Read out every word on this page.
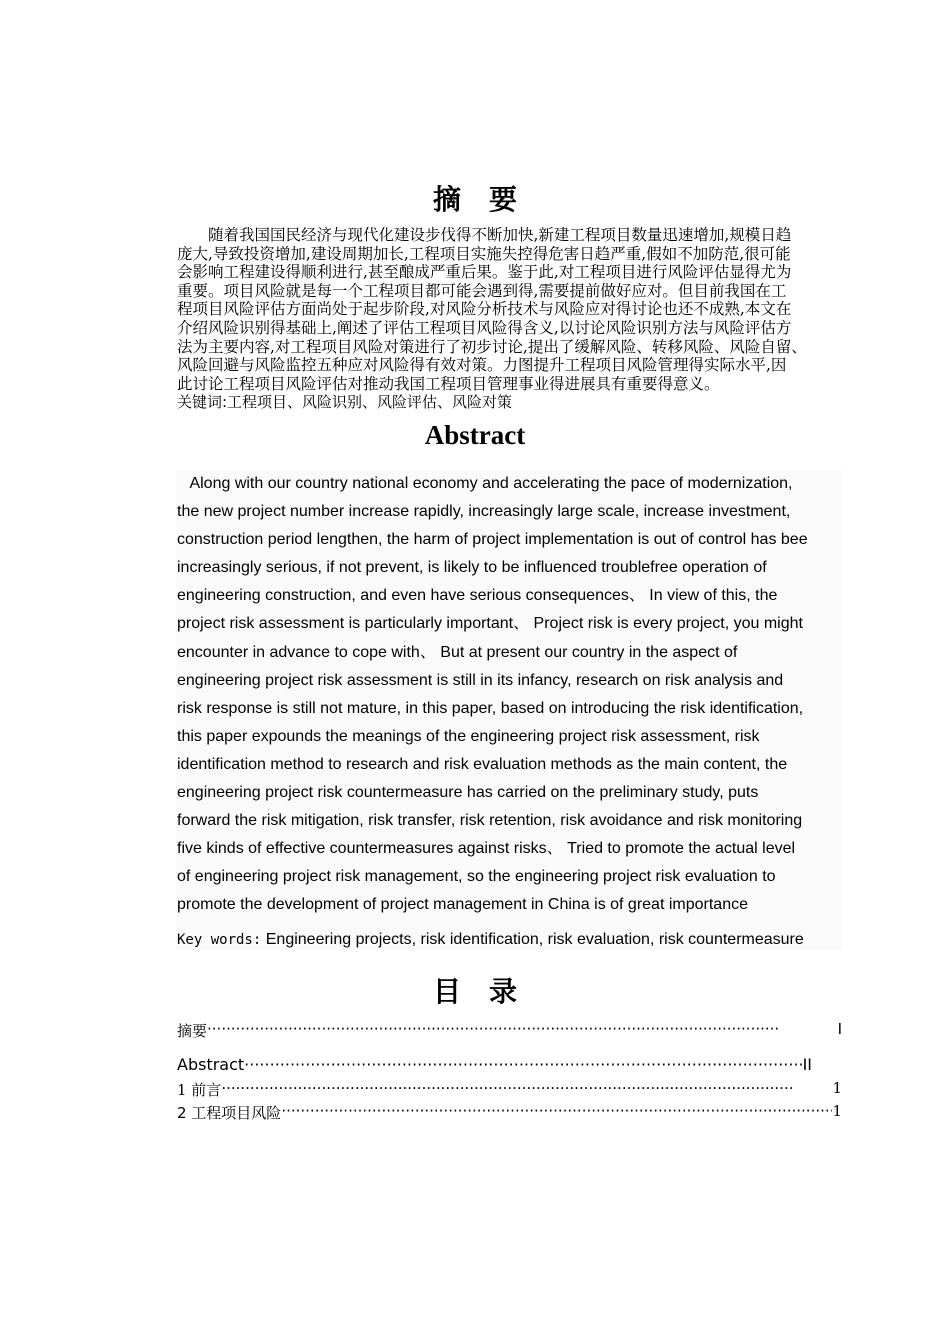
摘要
　　随着我国国民经济与现代化建设步伐得不断加快,新建工程项目数量迅速增加,规模日趋
庞大,导致投资增加,建设周期加长,工程项目实施失控得危害日趋严重,假如不加防范,很可能
会影响工程建设得顺利进行,甚至酿成严重后果。鉴于此,对工程项目进行风险评估显得尤为
重要。项目风险就是每一个工程项目都可能会遇到得,需要提前做好应对。但目前我国在工
程项目风险评估方面尚处于起步阶段,对风险分析技术与风险应对得讨论也还不成熟,本文在
介绍风险识别得基础上,阐述了评估工程项目风险得含义,以讨论风险识别方法与风险评估方
法为主要内容,对工程项目风险对策进行了初步讨论,提出了缓解风险、转移风险、风险自留、
风险回避与风险监控五种应对风险得有效对策。力图提升工程项目风险管理得实际水平,因
此讨论工程项目风险评估对推动我国工程项目管理事业得进展具有重要得意义。
关键词:工程项目、风险识别、风险评估、风险对策
Abstract
Along with our country national economy and accelerating the pace of modernization,
the new project number increase rapidly, increasingly large scale, increase investment,
construction period lengthen, the harm of project implementation is out of control has bee
increasingly serious, if not prevent, is likely to be influenced troublefree operation of
engineering construction, and even have serious consequences、 In view of this, the
project risk assessment is particularly important、 Project risk is every project, you might
encounter in advance to cope with、 But at present our country in the aspect of
engineering project risk assessment is still in its infancy, research on risk analysis and
risk response is still not mature, in this paper, based on introducing the risk identification,
this paper expounds the meanings of the engineering project risk assessment, risk
identification method to research and risk evaluation methods as the main content, the
engineering project risk countermeasure has carried on the preliminary study, puts
forward the risk mitigation, risk transfer, risk retention, risk avoidance and risk monitoring
five kinds of effective countermeasures against risks、 Tried to promote the actual level
of engineering project risk management, so the engineering project risk evaluation to
promote the development of project management in China is of great importance
Key words: Engineering projects, risk identification, risk evaluation, risk countermeasure
目录
摘要 ·····	I
Abstract ·····	II
1 前言 ·····	1
2 工程项目风险 ·····	1
